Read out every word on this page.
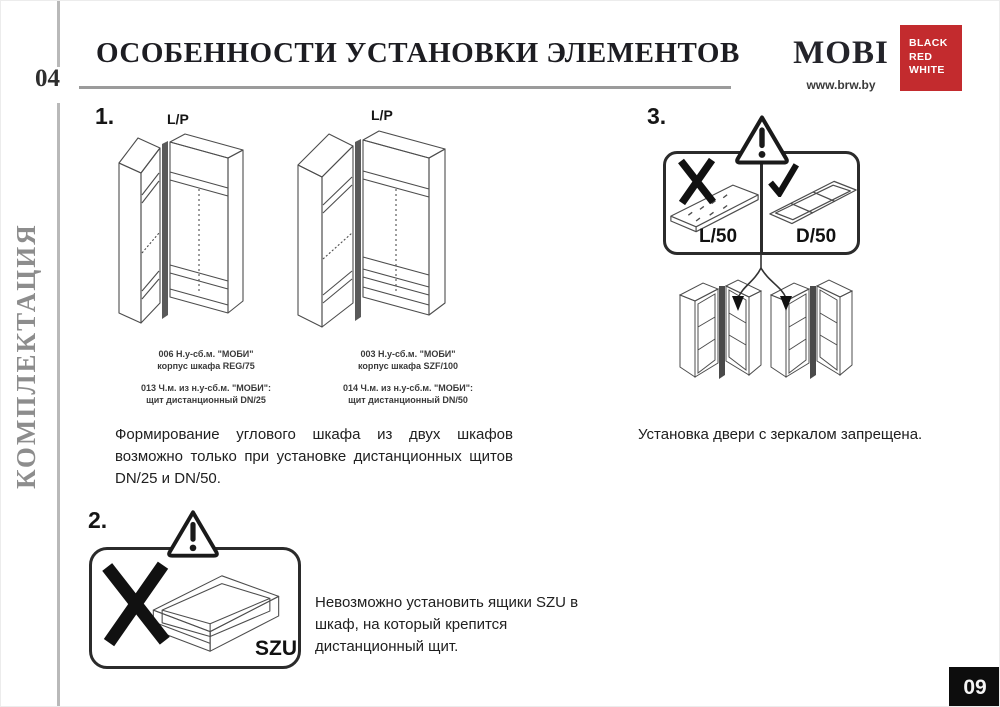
04
КОМПЛЕКТАЦИЯ
ОСОБЕННОСТИ УСТАНОВКИ ЭЛЕМЕНТОВ MOBI
www.brw.by
BLACK
RED
WHITE
1.	L/P	L/P
006 Н.у-сб.м. "МОБИ"
корпус шкафа REG/75
013 Ч.м. из н.у-сб.м. "МОБИ":
щит дистанционный DN/25
003 Н.у-сб.м. "МОБИ"
корпус шкафа SZF/100
014 Ч.м. из н.у-сб.м. "МОБИ":
щит дистанционный DN/50
Формирование углового шкафа из двух шкафов возможно только при установке дистанционных щитов DN/25 и DN/50.
2.
SZU
Невозможно установить ящики SZU в шкаф, на который крепится дистанционный щит.
3.
L/50	D/50
Установка двери с зеркалом запрещена.
09
